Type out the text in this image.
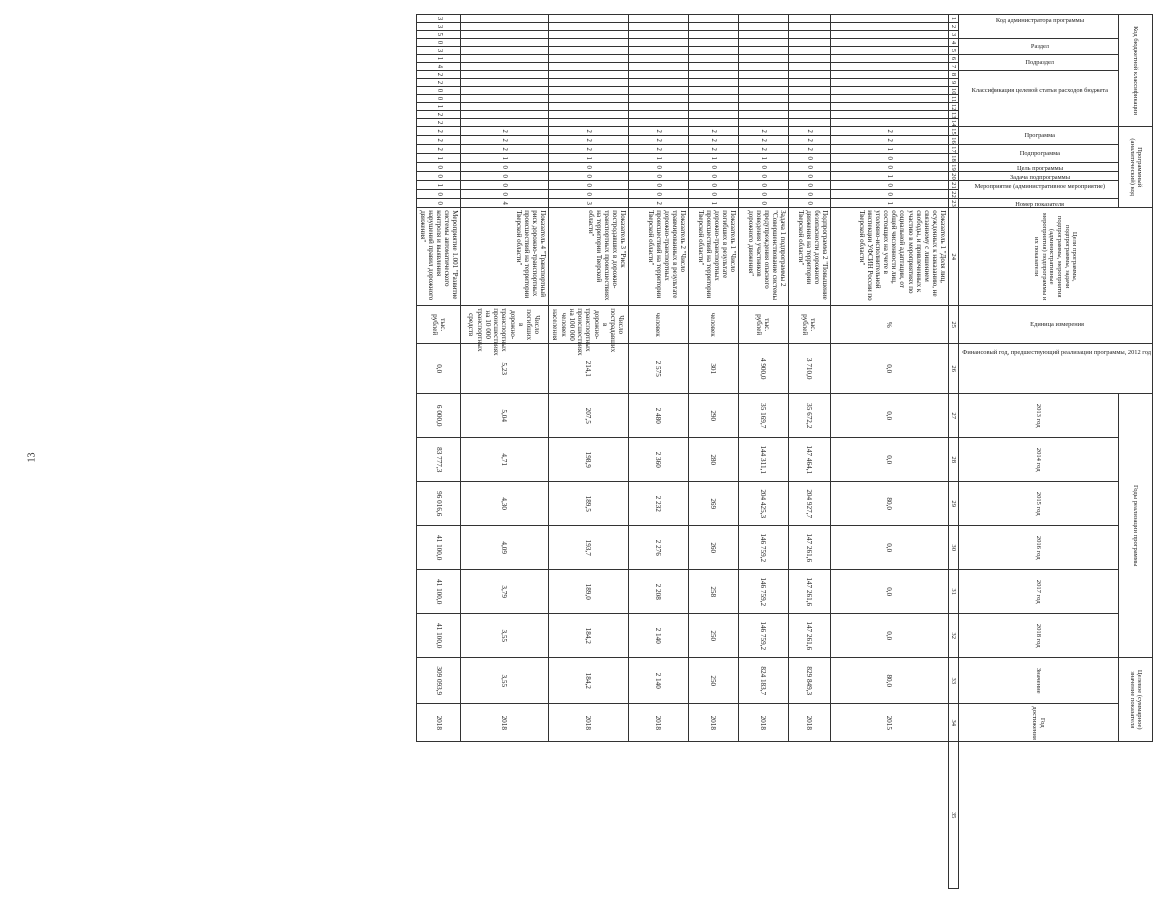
13
Код бюджетной классификации														Программный (аналитический) код									Цели программы, подпрограммы, задачи подпрограммы, мероприятия (административные мероприятия) подпрограммы и их показатели	Единица измерения	Финансовый год, предшествующий реализации программы, 2012 год	Годы реализации программы						Целевое (суммарное) значение показателя		
Код администратора программы			Раздел		Подраздел		Классификация целевой статьи расходов бюджета							Программа		Подпрограмма		Цель программы	Задача подпрограммы	Мероприятие (административное мероприятие)		Номер показателя				2013 год	2014 год	2015 год	2016 год	2017 год	2018 год	Значение	Год достижения	
1	2	3	4	5	6	7	8	9	10	11	12	13	14	15	16	17	18	19	20	21	22	23	24	25	26	27	28	29	30	31	32	33	34	35
														2	2	1	0	0	1	0	0	1	Показатель 1 "Доля лиц, осужденных к наказанию, не связанному с лишением свободы, и привлеченных к участию в мероприятиях по социальной адаптации, от общей численности лиц, состоящих на учете в уголовно-исполнительной инспекции УФСИН России по Тверской области"	%	0,0	0,0	0,0	80,0	0,0	0,0	0,0	80,0	2015	
														2	2	2	0	0	0	0	0	0	Подпрограмма 2 "Повышение безопасности дорожного движения на территории Тверской области"	тыс. рублей	3 710,0	35 672,2	147 464,1	204 927,7	147 261,6	147 261,6	147 261,6	829 849,3	2018	
														2	2	2	1	0	0	0	0	0	Задача 1 подпрограммы 2 "Совершенствование системы предупреждения опасного поведения участников дорожного движения"	тыс. рублей	4 900,0	35 169,7	144 311,1	204 425,3	146 759,2	146 759,2	146 759,2	824 183,7	2018	
														2	2	2	1	0	0	0	0	1	Показатель 1 "Число погибших в результате дорожно-транспортных происшествий на территории Тверской области"	человек	301	290	280	269	260	258	250	250	2018	
														2	2	2	1	0	0	0	0	2	Показатель 2 "Число травмированных в результате дорожно-транспортных происшествий на территории Тверской области"	человек	2 575	2 480	2 360	2 232	2 276	2 208	2 140	2 140	2018	
														2	2	2	1	0	0	0	0	3	Показатель 3 "Риск постродавших в дорожно-транспортных происшествиях на территории Тверской области"	Число пострадавших в дорожно-транспортных происшествиях на 100 000 человек населения	214,1	207,5	198,9	189,5	193,7	189,0	184,2	184,2	2018	
														2	2	2	1	0	0	0	0	4	Показатель 4 "Транспортный риск дорожно-транспортных происшествий на территории Тверской области"	Число погибших в дорожно-транспортных происшествиях на 10 000 транспортных средств	5,23	5,04	4,71	4,30	4,09	3,79	3,55	3,55	2018	
3	3	5	0	3	1	4	2	2	0	0	1	2	2	2	2	2	1	0	0	1	0	0	Мероприятие 1.001 "Развитие системы автоматического контроля и выявления нарушений правил дорожного движения"	тыс. рублей	0,0	6 000,0	83 777,3	96 016,6	41 100,0	41 100,0	41 100,0	309 093,9	2018	
